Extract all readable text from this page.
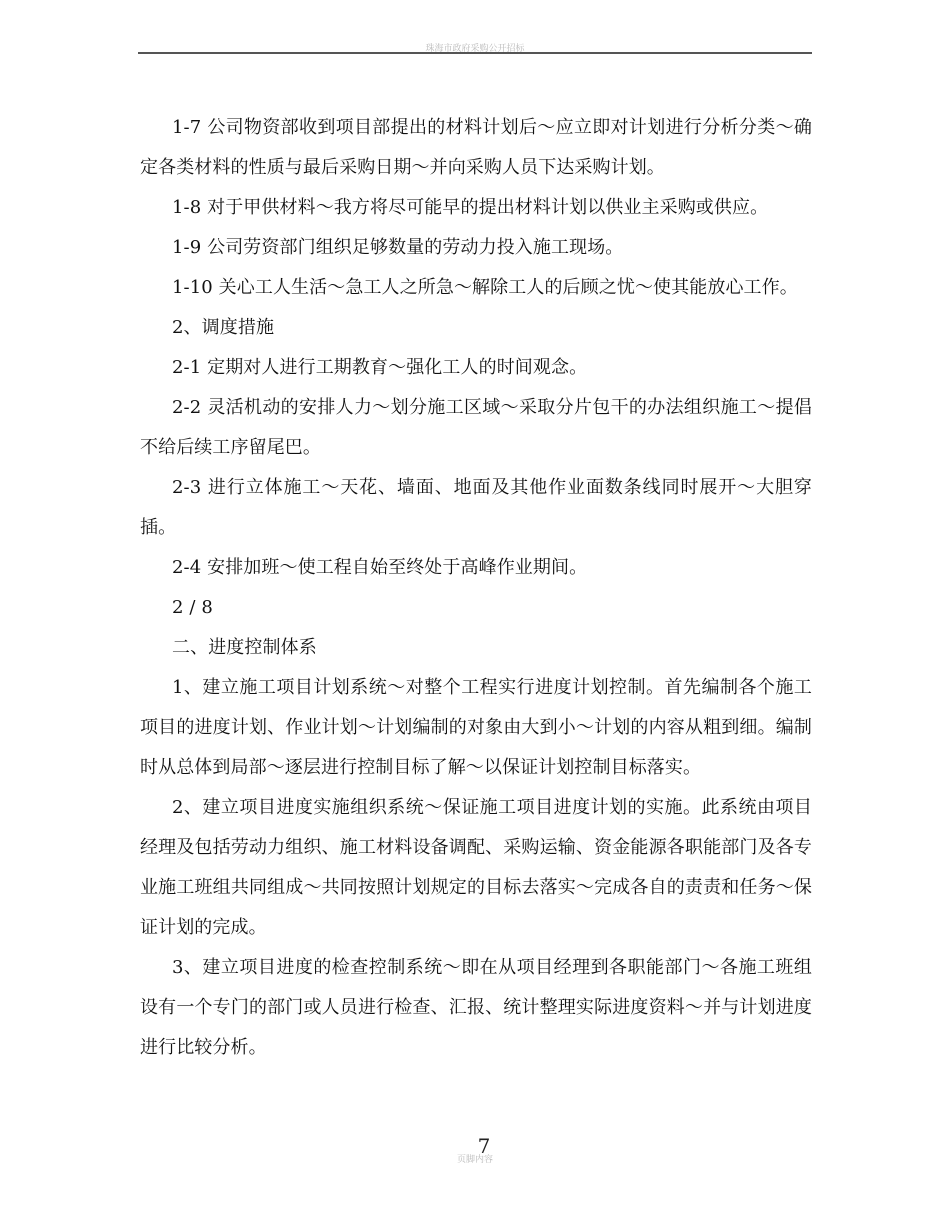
珠海市政府采购公开招标

1-7 公司物资部收到项目部提出的材料计划后～应立即对计划进行分析分类～确定各类材料的性质与最后采购日期～并向采购人员下达采购计划。

1-8 对于甲供材料～我方将尽可能早的提出材料计划以供业主采购或供应。

1-9 公司劳资部门组织足够数量的劳动力投入施工现场。

1-10 关心工人生活～急工人之所急～解除工人的后顾之忧～使其能放心工作。

2、调度措施

2-1 定期对人进行工期教育～强化工人的时间观念。

2-2 灵活机动的安排人力～划分施工区域～采取分片包干的办法组织施工～提倡不给后续工序留尾巴。

2-3 进行立体施工～天花、墙面、地面及其他作业面数条线同时展开～大胆穿插。

2-4 安排加班～使工程自始至终处于高峰作业期间。

2 / 8

二、进度控制体系

1、建立施工项目计划系统～对整个工程实行进度计划控制。首先编制各个施工项目的进度计划、作业计划～计划编制的对象由大到小～计划的内容从粗到细。编制时从总体到局部～逐层进行控制目标了解～以保证计划控制目标落实。

2、建立项目进度实施组织系统～保证施工项目进度计划的实施。此系统由项目经理及包括劳动力组织、施工材料设备调配、采购运输、资金能源各职能部门及各专业施工班组共同组成～共同按照计划规定的目标去落实～完成各自的责责和任务～保证计划的完成。

3、建立项目进度的检查控制系统～即在从项目经理到各职能部门～各施工班组设有一个专门的部门或人员进行检查、汇报、统计整理实际进度资料～并与计划进度进行比较分析。

7
页脚内容
